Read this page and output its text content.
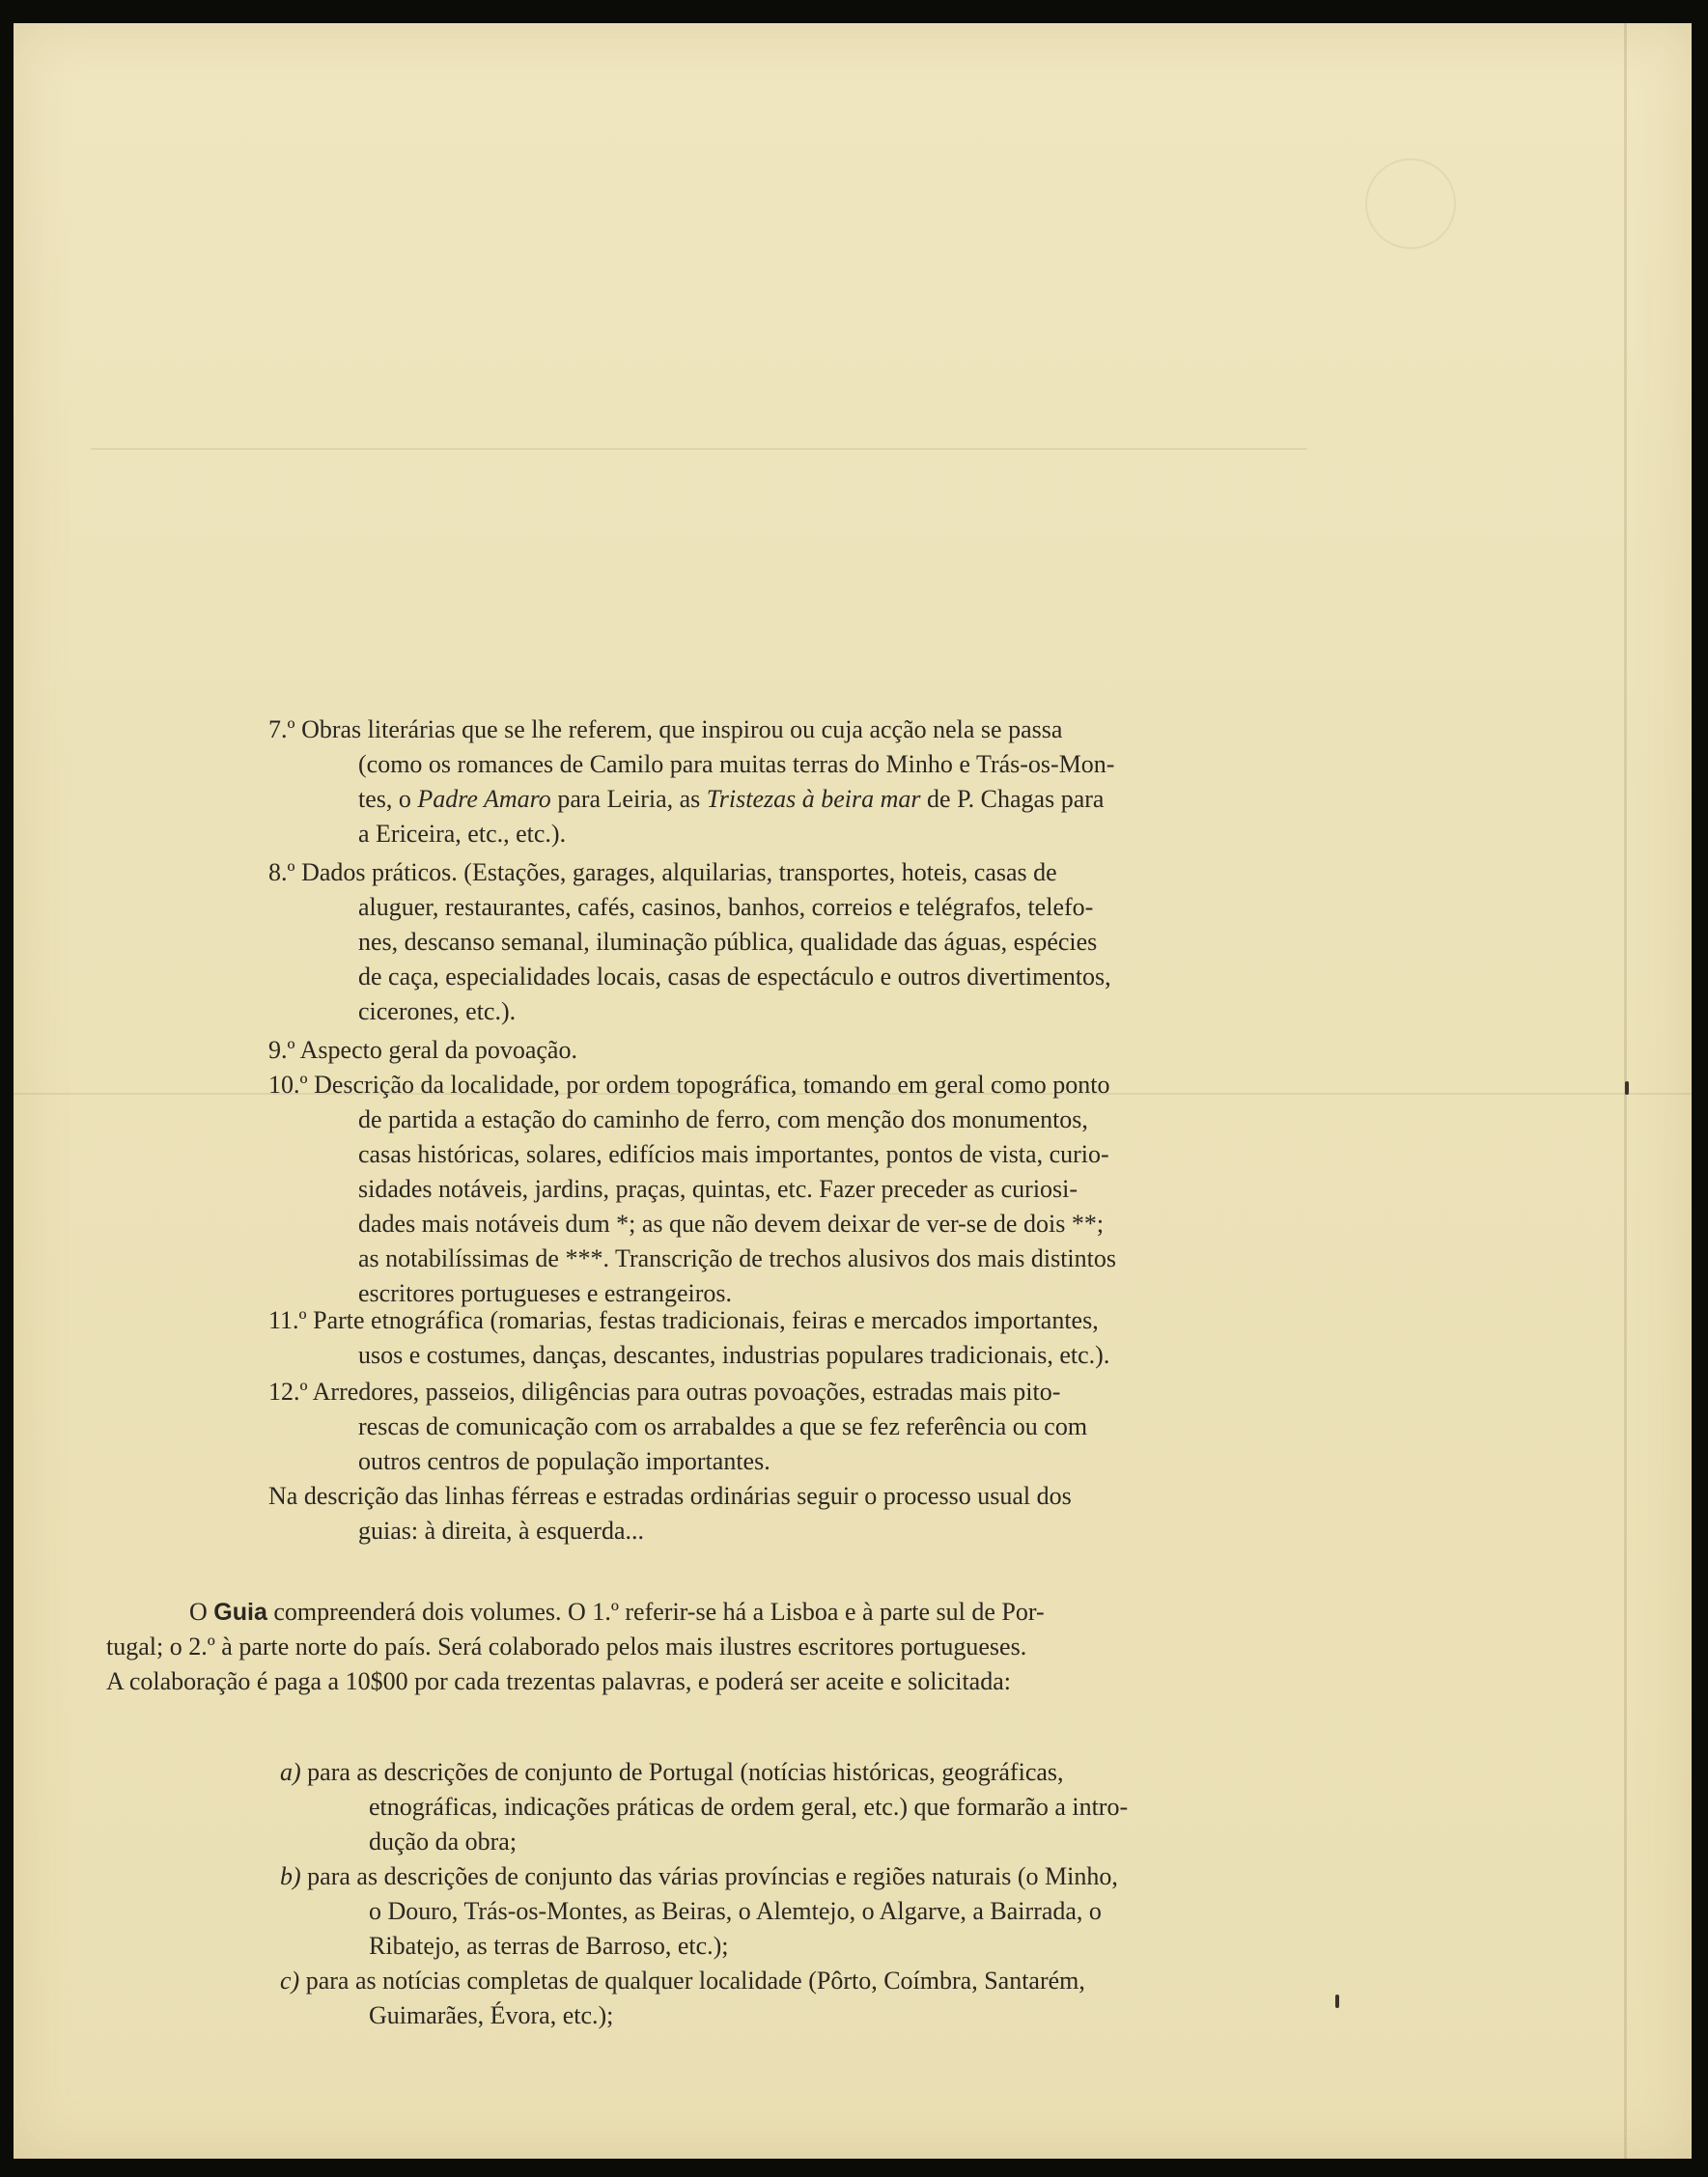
7.º Obras literárias que se lhe referem, que inspirou ou cuja acção nela se passa
(como os romances de Camilo para muitas terras do Minho e Trás-os-Mon-
tes, o Padre Amaro para Leiria, as Tristezas à beira mar de P. Chagas para
a Ericeira, etc., etc.).
8.º Dados práticos. (Estações, garages, alquilarias, transportes, hoteis, casas de
aluguer, restaurantes, cafés, casinos, banhos, correios e telégrafos, telefo-
nes, descanso semanal, iluminação pública, qualidade das águas, espécies
de caça, especialidades locais, casas de espectáculo e outros divertimentos,
cicerones, etc.).
9.º Aspecto geral da povoação.
10.º Descrição da localidade, por ordem topográfica, tomando em geral como ponto
de partida a estação do caminho de ferro, com menção dos monumentos,
casas históricas, solares, edifícios mais importantes, pontos de vista, curio-
sidades notáveis, jardins, praças, quintas, etc. Fazer preceder as curiosi-
dades mais notáveis dum *; as que não devem deixar de ver-se de dois **;
as notabilíssimas de ***. Transcrição de trechos alusivos dos mais distintos
escritores portugueses e estrangeiros.
11.º Parte etnográfica (romarias, festas tradicionais, feiras e mercados importantes,
usos e costumes, danças, descantes, industrias populares tradicionais, etc.).
12.º Arredores, passeios, diligências para outras povoações, estradas mais pito-
rescas de comunicação com os arrabaldes a que se fez referência ou com
outros centros de população importantes.
Na descrição das linhas férreas e estradas ordinárias seguir o processo usual dos
guias: à direita, à esquerda...
O Guia compreenderá dois volumes. O 1.º referir-se há a Lisboa e à parte sul de Por-
tugal; o 2.º à parte norte do país. Será colaborado pelos mais ilustres escritores portugueses.
A colaboração é paga a 10$00 por cada trezentas palavras, e poderá ser aceite e solicitada:
a) para as descrições de conjunto de Portugal (notícias históricas, geográficas,
etnográficas, indicações práticas de ordem geral, etc.) que formarão a intro-
dução da obra;
b) para as descrições de conjunto das várias províncias e regiões naturais (o Minho,
o Douro, Trás-os-Montes, as Beiras, o Alemtejo, o Algarve, a Bairrada, o
Ribatejo, as terras de Barroso, etc.);
c) para as notícias completas de qualquer localidade (Pôrto, Coímbra, Santarém,
Guimarães, Évora, etc.);
